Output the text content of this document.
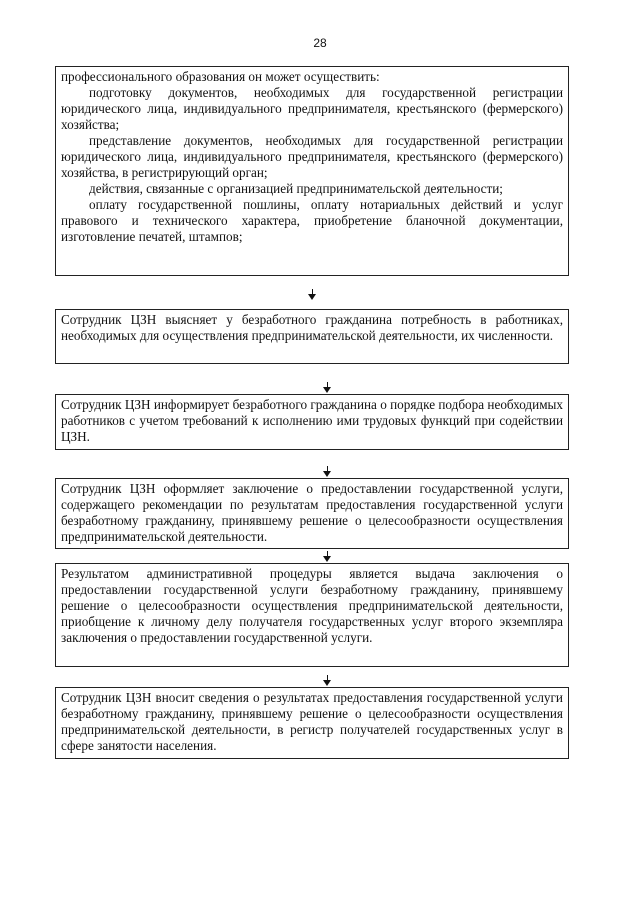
28

профессионального образования он может осуществить:

подготовку документов, необходимых для государственной регистрации юридического лица, индивидуального предпринимателя, крестьянского (фермерского) хозяйства;

представление документов, необходимых для государственной регистрации юридического лица, индивидуального предпринимателя, крестьянского (фермерского) хозяйства, в регистрирующий орган;

действия, связанные с организацией предпринимательской деятельности;

оплату государственной пошлины, оплату нотариальных действий и услуг правового и технического характера, приобретение бланочной документации, изготовление печатей, штампов;

Сотрудник ЦЗН выясняет у безработного гражданина потребность в работниках, необходимых для осуществления предпринимательской деятельности, их численности.

Сотрудник ЦЗН информирует безработного гражданина о порядке подбора необходимых работников с учетом требований к исполнению ими трудовых функций при содействии ЦЗН.

Сотрудник ЦЗН оформляет заключение о предоставлении государственной услуги, содержащего рекомендации по результатам предоставления государственной услуги безработному гражданину, принявшему решение о целесообразности осуществления предпринимательской деятельности.

Результатом административной процедуры является выдача заключения о предоставлении государственной услуги безработному гражданину, принявшему решение о целесообразности осуществления предпринимательской деятельности, приобщение к личному делу получателя государственных услуг второго экземпляра заключения о предоставлении государственной услуги.

Сотрудник ЦЗН вносит сведения о результатах предоставления государственной услуги безработному гражданину, принявшему решение о целесообразности осуществления предпринимательской деятельности, в регистр получателей государственных услуг в сфере занятости населения.
